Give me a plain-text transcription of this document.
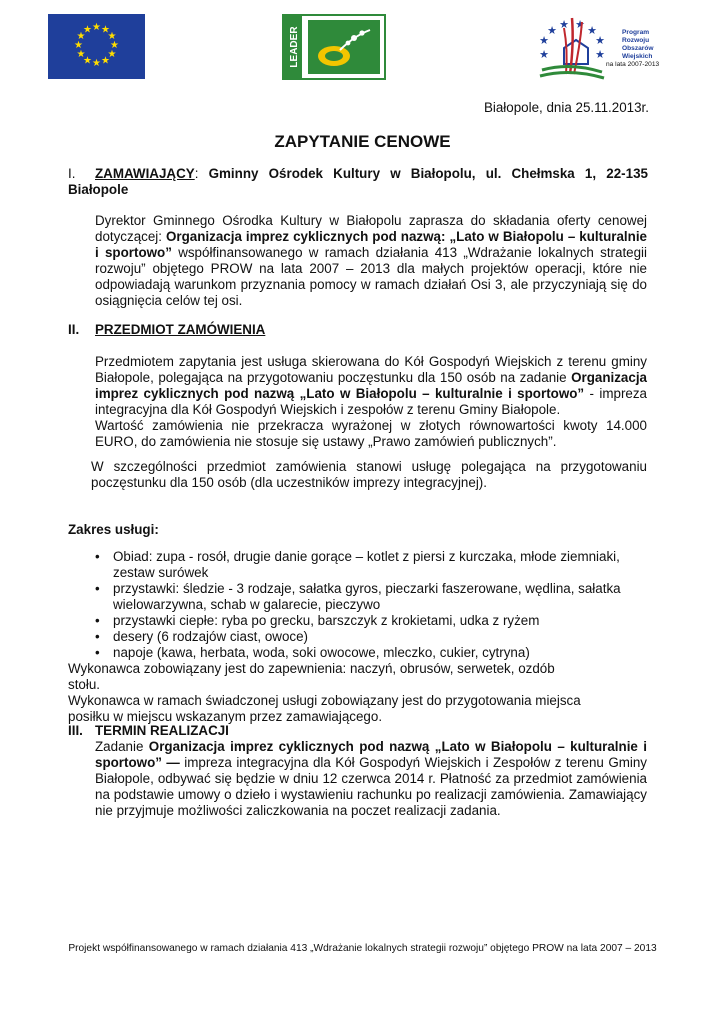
★ ★
★
★
★
★
★
★
★
★
★
★	LEADER	★
★ ★ ★ ★
★
★	★
Program
Rozwoju
Obszarów
Wiejskich
na lata 2007-2013
Białopole, dnia 25.11.2013r.
ZAPYTANIE CENOWE

I. ZAMAWIAJĄCY: Gminny Ośrodek Kultury w Białopolu, ul. Chełmska 1, 22-135 Białopole

Dyrektor Gminnego Ośrodka Kultury w Białopolu zaprasza do składania oferty cenowej dotyczącej: Organizacja imprez cyklicznych pod nazwą: „Lato w Białopolu – kulturalnie i sportowo” współfinansowanego w ramach działania 413 „Wdrażanie lokalnych strategii rozwoju” objętego PROW na lata 2007 – 2013 dla małych projektów operacji, które nie odpowiadają warunkom przyznania pomocy w ramach działań Osi 3, ale przyczyniają się do osiągnięcia celów tej osi.

II. PRZEDMIOT ZAMÓWIENIA

Przedmiotem zapytania jest usługa skierowana do Kół Gospodyń Wiejskich z terenu gminy Białopole, polegająca na przygotowaniu poczęstunku dla 150 osób na zadanie Organizacja imprez cyklicznych pod nazwą „Lato w Białopolu – kulturalnie i sportowo” - impreza integracyjna dla Kół Gospodyń Wiejskich i zespołów z terenu Gminy Białopole.

Wartość zamówienia nie przekracza wyrażonej w złotych równowartości kwoty 14.000 EURO, do zamówienia nie stosuje się ustawy „Prawo zamówień publicznych”.

W szczególności przedmiot zamówienia stanowi usługę polegająca na przygotowaniu poczęstunku dla 150 osób (dla uczestników imprezy integracyjnej).

Zakres usługi:

• Obiad: zupa - rosół, drugie danie gorące – kotlet z piersi z kurczaka, młode ziemniaki, zestaw surówek
• przystawki: śledzie - 3 rodzaje, sałatka gyros, pieczarki faszerowane, wędlina, sałatka wielowarzywna, schab w galarecie, pieczywo
• przystawki ciepłe: ryba po grecku, barszczyk z krokietami, udka z ryżem
• desery (6 rodzajów ciast, owoce)
• napoje (kawa, herbata, woda, soki owocowe, mleczko, cukier, cytryna)

Wykonawca zobowiązany jest do zapewnienia: naczyń, obrusów, serwetek, ozdób stołu.

Wykonawca w ramach świadczonej usługi zobowiązany jest do przygotowania miejsca posiłku w miejscu wskazanym przez zamawiającego.

III. TERMIN REALIZACJI

Zadanie Organizacja imprez cyklicznych pod nazwą „Lato w Białopolu – kulturalnie i sportowo” — impreza integracyjna dla Kół Gospodyń Wiejskich i Zespołów z terenu Gminy Białopole, odbywać się będzie w dniu 12 czerwca 2014 r. Płatność za przedmiot zamówienia na podstawie umowy o dzieło i wystawieniu rachunku po realizacji zamówienia. Zamawiający nie przyjmuje możliwości zaliczkowania na poczet realizacji zadania.

Projekt współfinansowanego w ramach działania 413 „Wdrażanie lokalnych strategii rozwoju” objętego PROW na lata 2007 – 2013
